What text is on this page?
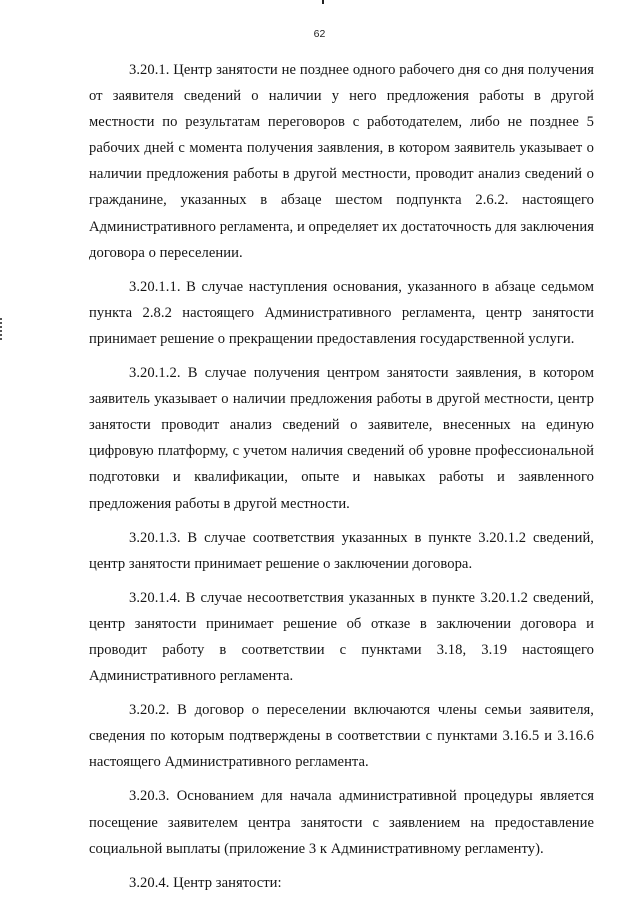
62

3.20.1. Центр занятости не позднее одного рабочего дня со дня получения от заявителя сведений о наличии у него предложения работы в другой местности по результатам переговоров с работодателем, либо не позднее 5 рабочих дней с момента получения заявления, в котором заявитель указывает о наличии предложения работы в другой местности, проводит анализ сведений о гражданине, указанных в абзаце шестом подпункта 2.6.2. настоящего Административного регламента, и определяет их достаточность для заключения договора о переселении.

3.20.1.1. В случае наступления основания, указанного в абзаце седьмом пункта 2.8.2 настоящего Административного регламента, центр занятости принимает решение о прекращении предоставления государственной услуги.

3.20.1.2. В случае получения центром занятости заявления, в котором заявитель указывает о наличии предложения работы в другой местности, центр занятости проводит анализ сведений о заявителе, внесенных на единую цифровую платформу, с учетом наличия сведений об уровне профессиональной подготовки и квалификации, опыте и навыках работы и заявленного предложения работы в другой местности.

3.20.1.3. В случае соответствия указанных в пункте 3.20.1.2 сведений, центр занятости принимает решение о заключении договора.

3.20.1.4. В случае несоответствия указанных в пункте 3.20.1.2 сведений, центр занятости принимает решение об отказе в заключении договора и проводит работу в соответствии с пунктами 3.18, 3.19 настоящего Административного регламента.

3.20.2. В договор о переселении включаются члены семьи заявителя, сведения по которым подтверждены в соответствии с пунктами 3.16.5 и 3.16.6 настоящего Административного регламента.

3.20.3. Основанием для начала административной процедуры является посещение заявителем центра занятости с заявлением на предоставление социальной выплаты (приложение 3 к Административному регламенту).

3.20.4. Центр занятости:
